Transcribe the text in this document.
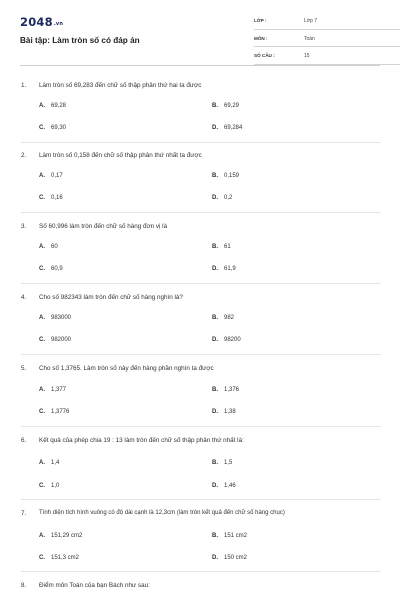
2048.vn
Bài tập: Làm tròn số có đáp án
LỚP :	Lớp 7
MÔN :	Toán
SỐ CÂU :	15
1. Làm tròn số 69,283 đến chữ số thập phân thứ hai ta được
A. 69,28	B. 69,29
C. 69,30	D. 69,284
2. Làm tròn số 0,158 đến chữ số thập phân thứ nhất ta được
A. 0,17	B. 0,159
C. 0,16	D. 0,2
3. Số 60,996 làm tròn đến chữ số hàng đơn vị là
A. 60	B. 61
C. 60,9	D. 61,9
4. Cho số 982343 làm tròn đến chữ số hàng nghìn là?
A. 983000	B. 982
C. 982000	D. 98200
5. Cho số 1,3765. Làm tròn số này đến hàng phần nghìn ta được
A. 1,377	B. 1,376
C. 1,3776	D. 1,38
6. Kết quả của phép chia 19 : 13 làm tròn đến chữ số thập phân thứ nhất là:
A. 1,4	B. 1,5
C. 1,0	D. 1,46
7. Tính diện tích hình vuông có độ dài cạnh là 12,3cm (làm tròn kết quả đến chữ số hàng chục)
A. 151,29 cm2	B. 151 cm2
C. 151,3 cm2	D. 150 cm2
8. Điểm môn Toán của bạn Bách như sau:
